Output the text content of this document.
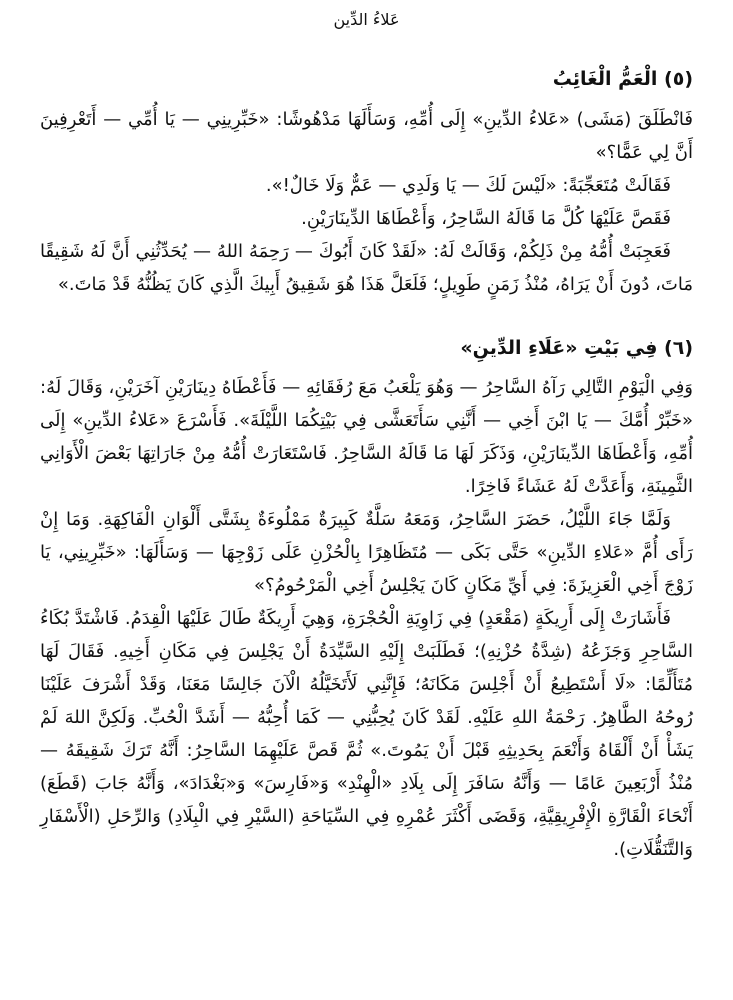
عَلاءُ الدِّين
(٥) الْعَمُّ الْغَائِبُ

فَانْطَلَقَ (مَشَى) «عَلاءُ الدِّينِ» إِلَى أُمِّهِ، وَسَأَلَهَا مَدْهُوشًا: «خَبِّرِينِي — يَا أُمِّي — أَتَعْرِفِينَ أَنَّ لِي عَمًّا؟»

فَقَالَتْ مُتَعَجِّبَةً: «لَيْسَ لَكَ — يَا وَلَدِي — عَمٌّ وَلَا خَالٌ!».

فَقَصَّ عَلَيْهَا كُلَّ مَا قَالَهُ السَّاحِرُ، وَأَعْطَاهَا الدِّينَارَيْنِ.

فَعَجِبَتْ أُمُّهُ مِنْ ذَلِكُمْ، وَقَالَتْ لَهُ: «لَقَدْ كَانَ أَبُوكَ — رَحِمَهُ اللهُ — يُحَدِّثُنِي أَنَّ لَهُ شَقِيقًا مَاتَ، دُونَ أَنْ يَرَاهُ، مُنْذُ زَمَنٍ طَوِيلٍ؛ فَلَعَلَّ هَذَا هُوَ شَقِيقُ أَبِيكَ الَّذِي كَانَ يَظُنُّهُ قَدْ مَاتَ.»

(٦) فِي بَيْتِ «عَلَاءِ الدِّينِ»

وَفِي الْيَوْمِ التَّالِي رَآهُ السَّاحِرُ — وَهُوَ يَلْعَبُ مَعَ رُفَقَائِهِ — فَأَعْطَاهُ دِينَارَيْنِ آخَرَيْنِ، وَقَالَ لَهُ: «خَبِّرْ أُمَّكَ — يَا ابْنَ أَخِي — أَنَّنِي سَأَتَعَشَّى فِي بَيْتِكُمَا اللَّيْلَةَ». فَأَسْرَعَ «عَلاءُ الدِّينِ» إِلَى أُمِّهِ، وَأَعْطَاهَا الدِّينَارَيْنِ، وَذَكَرَ لَهَا مَا قَالَهُ السَّاحِرُ. فَاسْتَعَارَتْ أُمُّهُ مِنْ جَارَاتِهَا بَعْضَ الْأَوَانِي الثَّمِينَةِ، وَأَعَدَّتْ لَهُ عَشَاءً فَاخِرًا.

وَلَمَّا جَاءَ اللَّيْلُ، حَضَرَ السَّاحِرُ، وَمَعَهُ سَلَّةٌ كَبِيرَةٌ مَمْلُوءَةٌ بِشَتَّى أَلْوَانِ الْفَاكِهَةِ. وَمَا إِنْ رَأَى أُمَّ «عَلاءِ الدِّينِ» حَتَّى بَكَى — مُتَظَاهِرًا بِالْحُزْنِ عَلَى زَوْجِهَا — وَسَأَلَهَا: «خَبِّرِينِي، يَا زَوْجَ أَخِي الْعَزِيزَةَ: فِي أَيِّ مَكَانٍ كَانَ يَجْلِسُ أَخِي الْمَرْحُومُ؟»

فَأَشَارَتْ إِلَى أَرِيكَةٍ (مَقْعَدٍ) فِي زَاوِيَةِ الْحُجْرَةِ، وَهِيَ أَرِيكَةٌ طَالَ عَلَيْهَا الْقِدَمُ. فَاشْتَدَّ بُكَاءُ السَّاحِرِ وَجَزَعُهُ (شِدَّةُ حُزْنِهِ)؛ فَطَلَبَتْ إِلَيْهِ السَّيِّدَةُ أَنْ يَجْلِسَ فِي مَكَانِ أَخِيهِ. فَقَالَ لَهَا مُتَأَلِّمًا: «لَا أَسْتَطِيعُ أَنْ أَجْلِسَ مَكَانَهُ؛ فَإِنَّنِي لَأَتَخَيَّلُهُ الْآنَ جَالِسًا مَعَنَا، وَقَدْ أَشْرَفَ عَلَيْنَا رُوحُهُ الطَّاهِرُ. رَحْمَةُ اللهِ عَلَيْهِ. لَقَدْ كَانَ يُحِبُّنِي — كَمَا أُحِبُّهُ — أَشَدَّ الْحُبِّ. وَلَكِنَّ اللهَ لَمْ يَشَأْ أَنْ أَلْقَاهُ وَأَنْعَمَ بِحَدِيثِهِ قَبْلَ أَنْ يَمُوتَ.» ثُمَّ قَصَّ عَلَيْهِمَا السَّاحِرُ: أَنَّهُ تَرَكَ شَقِيقَهُ — مُنْذُ أَرْبَعِينَ عَامًا — وَأَنَّهُ سَافَرَ إِلَى بِلَادِ «الْهِنْدِ» وَ«فَارِسَ» وَ«بَغْدَادَ»، وَأَنَّهُ جَابَ (قَطَعَ) أَنْحَاءَ الْقَارَّةِ الْإِفْرِيقِيَّةِ، وَقَضَى أَكْثَرَ عُمْرِهِ فِي السِّيَاحَةِ (السَّيْرِ فِي الْبِلَادِ) وَالرِّحَلِ (الْأَسْفَارِ وَالتَّنَقُّلَاتِ).
